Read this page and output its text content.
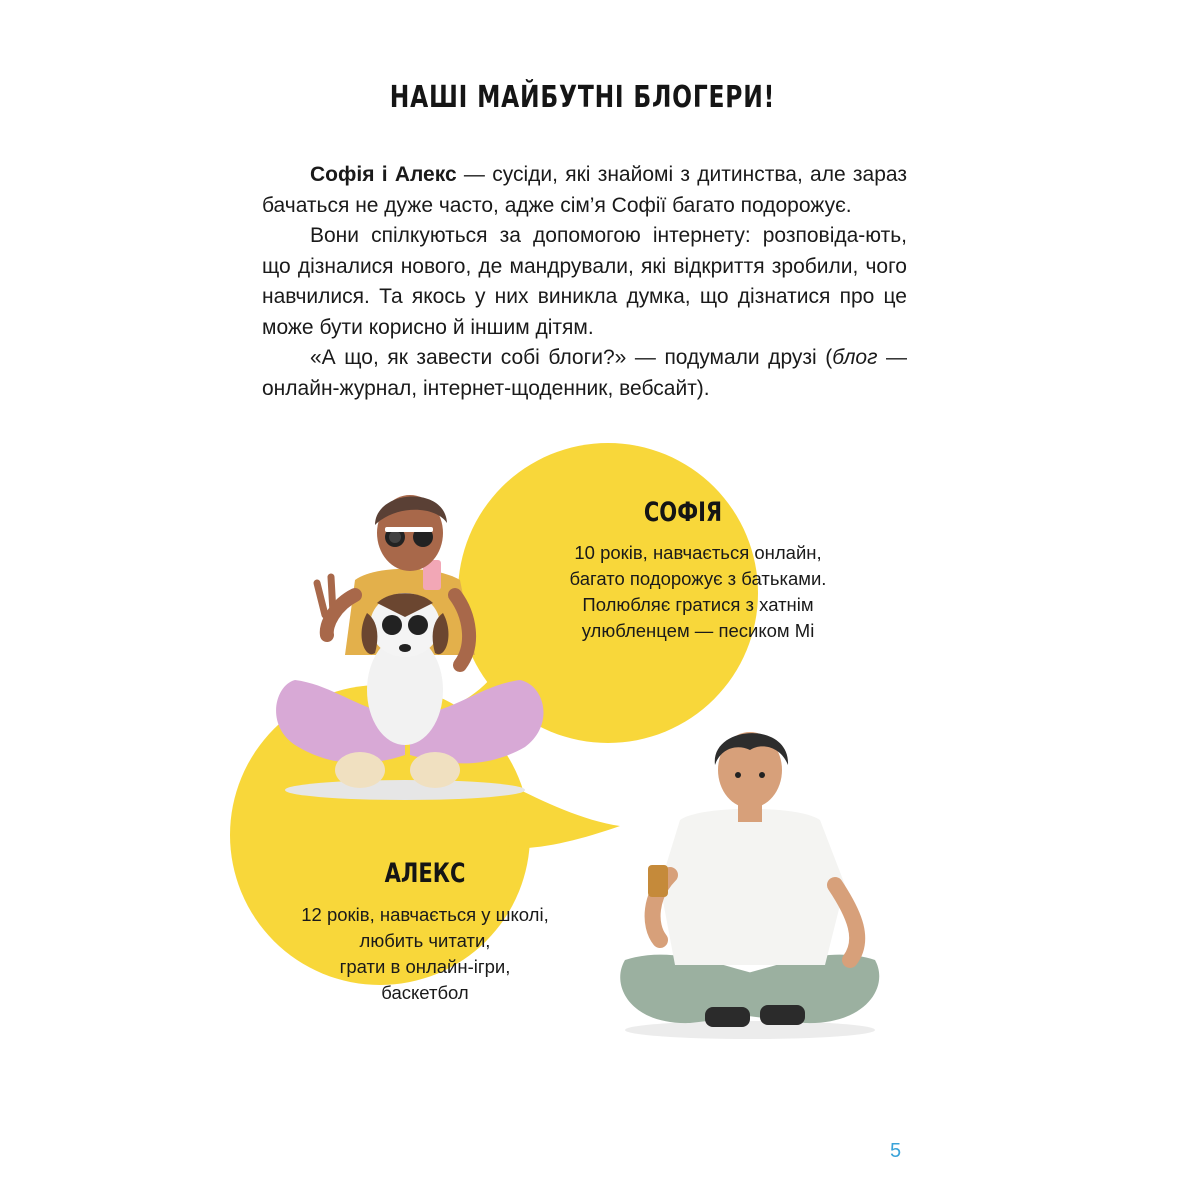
НАШІ МАЙБУТНІ БЛОГЕРИ!

Софія і Алекс — сусіди, які знайомі з дитинства, але зараз бачаться не дуже часто, адже сім’я Софії багато подорожує.

Вони спілкуються за допомогою інтернету: розповіда-ють, що дізналися нового, де мандрували, які відкриття зробили, чого навчилися. Та якось у них виникла думка, що дізнатися про це може бути корисно й іншим дітям.

«А що, як завести собі блоги?» — подумали друзі (блог — онлайн-журнал, інтернет-щоденник, вебсайт).

СОФІЯ
10 років, навчається онлайн,
багато подорожує з батьками.
Полюбляє гратися з хатнім
улюбленцем — песиком Мі
АЛЕКС
12 років, навчається у школі,
любить читати,
грати в онлайн-ігри,
баскетбол
5
